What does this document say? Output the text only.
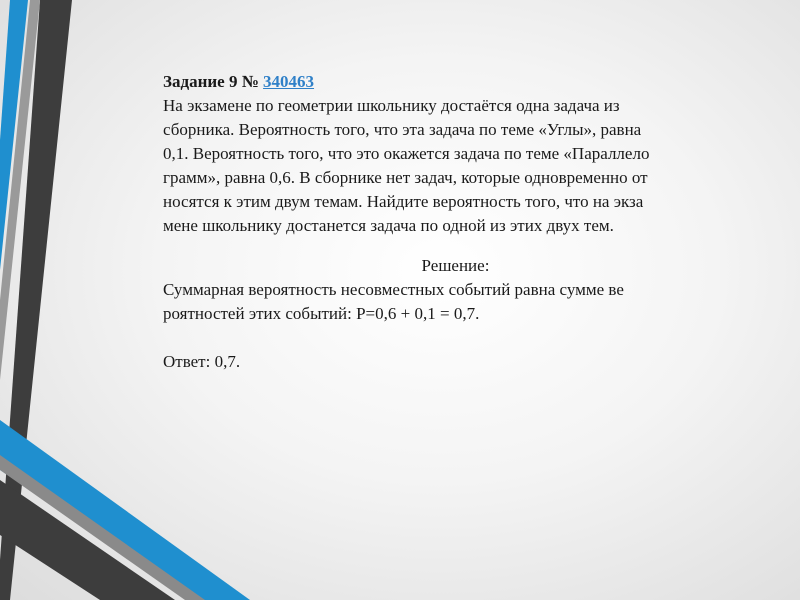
Задание 9 № 340463
На экзамене по геометрии школьнику достаётся одна задача из
сборника. Вероятность того, что эта задача по теме «Углы», равна
0,1. Вероятность того, что это окажется задача по теме «Параллело
грамм», равна 0,6. В сборнике нет задач, которые одновременно от
носятся к этим двум темам. Найдите вероятность того, что на экза
мене школьнику достанется задача по одной из этих двух тем.
Решение:
Суммарная вероятность несовместных событий равна сумме ве
роятностей этих событий: P=0,6 + 0,1 = 0,7.
Ответ: 0,7.
